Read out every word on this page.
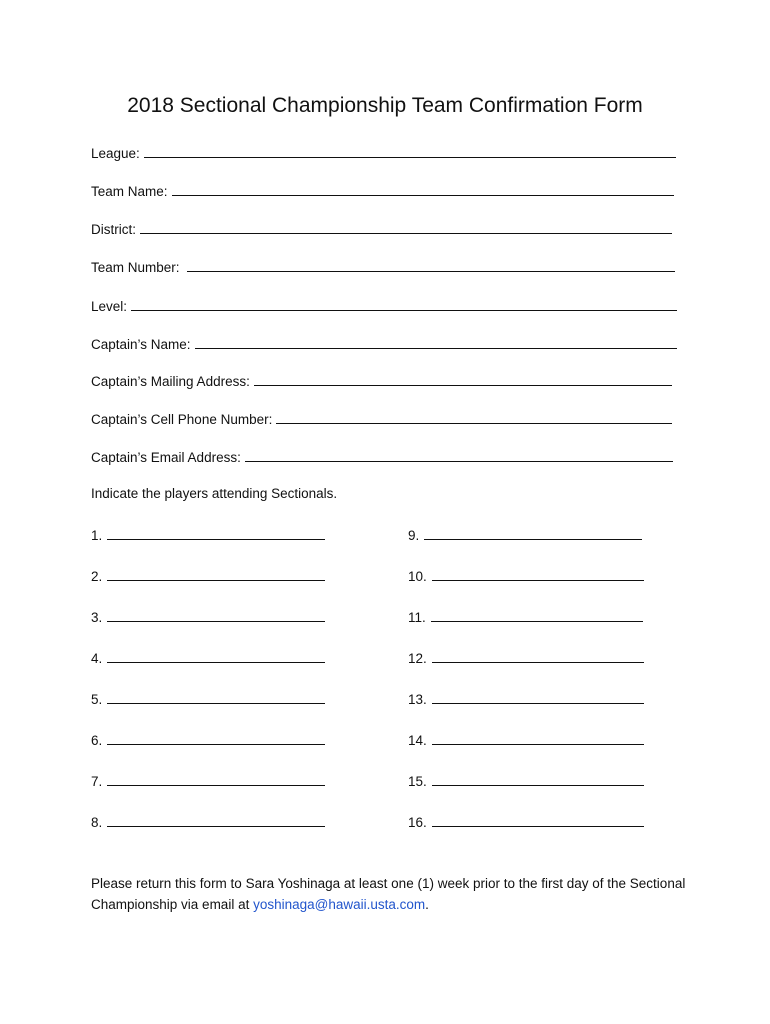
2018 Sectional Championship Team Confirmation Form
League:
Team Name:
District:
Team Number:
Level:
Captain’s Name:
Captain’s Mailing Address:
Captain’s Cell Phone Number:
Captain’s Email Address:
Indicate the players attending Sectionals.
1.
2.
3.
4.
5.
6.
7.
8.
9.
10.
11.
12.
13.
14.
15.
16.
Please return this form to Sara Yoshinaga at least one (1) week prior to the first day of the Sectional Championship via email at yoshinaga@hawaii.usta.com.
